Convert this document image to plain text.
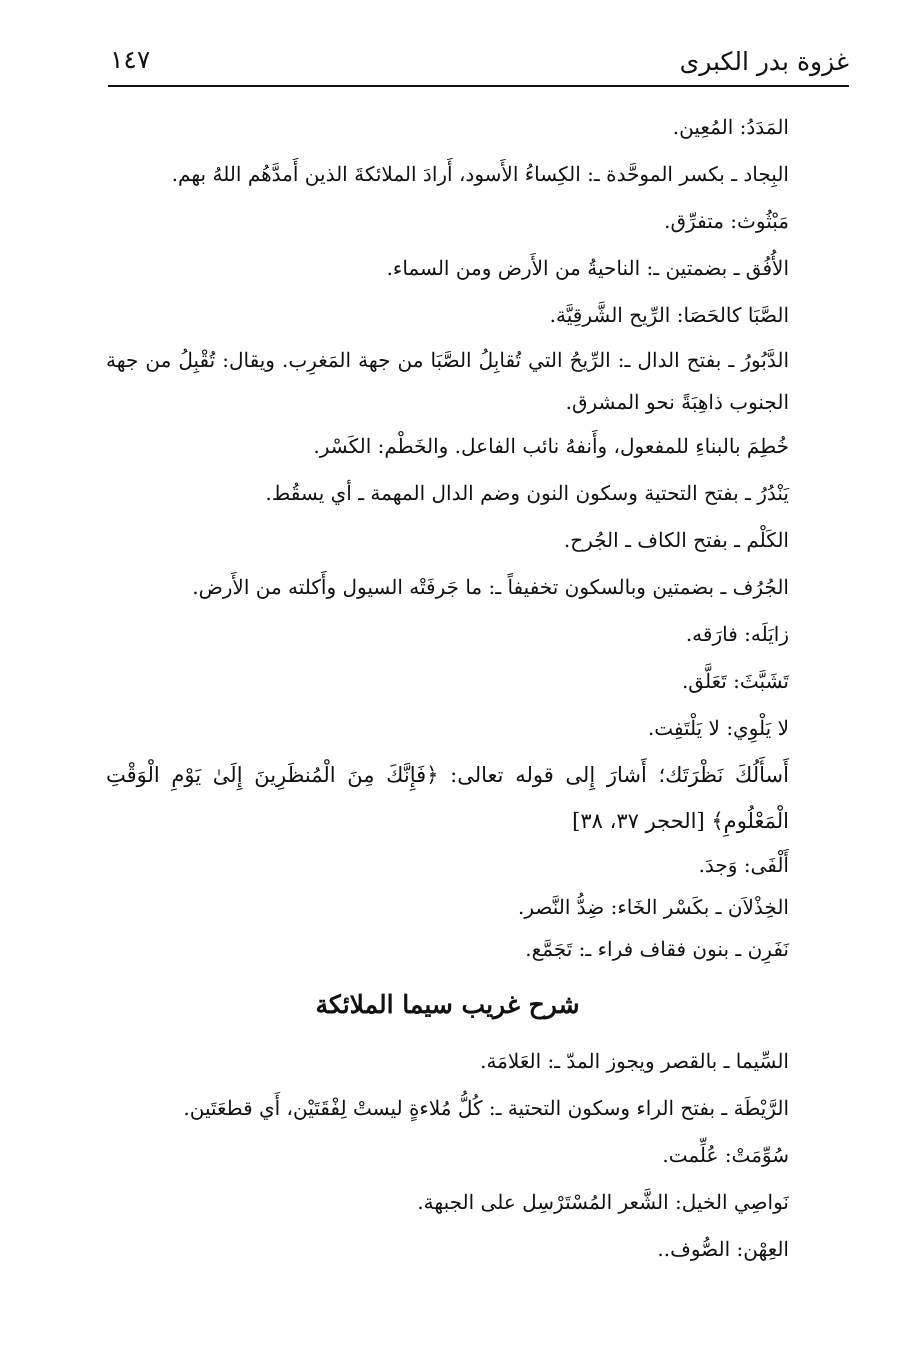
غزوة بدر الكبرى
١٤٧

المَدَدُ: المُعِين.

البِجاد ـ بكسر الموحَّدة ـ: الكِساءُ الأَسود، أَرادَ الملائكةَ الذين أَمدَّهُم اللهُ بهم.

مَبْثُوث: متفرِّق.

الأُفُق ـ بضمتين ـ: الناحيةُ من الأَرض ومن السماء.

الصَّبَا كالحَصَا: الرِّيح الشَّرقِيَّة.

الدَّبُورُ ـ بفتح الدال ـ: الرِّيحُ التي تُقابِلُ الصَّبَا من جهة المَغرِب. ويقال: تُقْبِلُ من جهة الجنوب ذاهِبَةً نحو المشرق.

خُطِمَ بالبناءِ للمفعول، وأَنفهُ نائب الفاعل. والخَطْم: الكَسْر.

يَنْدُرُ ـ بفتح التحتية وسكون النون وضم الدال المهمة ـ أي يسقُط.

الكَلْم ـ بفتح الكاف ـ الجُرح.

الجُرُف ـ بضمتين وبالسكون تخفيفاً ـ: ما جَرفَتْه السيول وأَكلته من الأَرض.

زايَلَه: فارَقه.

تَشَبَّثَ: تَعَلَّق.

لا يَلْوِي: لا يَلْتَفِت.

أَسأَلُكَ نَظْرَتَك؛ أَشارَ إِلى قوله تعالى: ﴿فَإِنَّكَ مِنَ الْمُنظَرِينَ إِلَىٰ يَوْمِ الْوَقْتِ الْمَعْلُومِ﴾ [الحجر ٣٧، ٣٨]

أَلْفَى: وَجدَ.

الخِذْلاَن ـ بكَسْر الخَاء: ضِدُّ النَّصر.

نَفَرِن ـ بنون فقاف فراء ـ: تَجَمَّع.

شرح غريب سيما الملائكة

السِّيما ـ بالقصر ويجوز المدّ ـ: العَلامَة.

الرَّيْطَة ـ بفتح الراء وسكون التحتية ـ: كُلُّ مُلاءةٍ ليستْ لِفْقَتَيْن، أَي قطعَتَين.

سُوِّمَتْ: عُلِّمت.

نَواصِي الخيل: الشَّعر المُسْتَرْسِل على الجبهة.

العِهْن: الصُّوف..
